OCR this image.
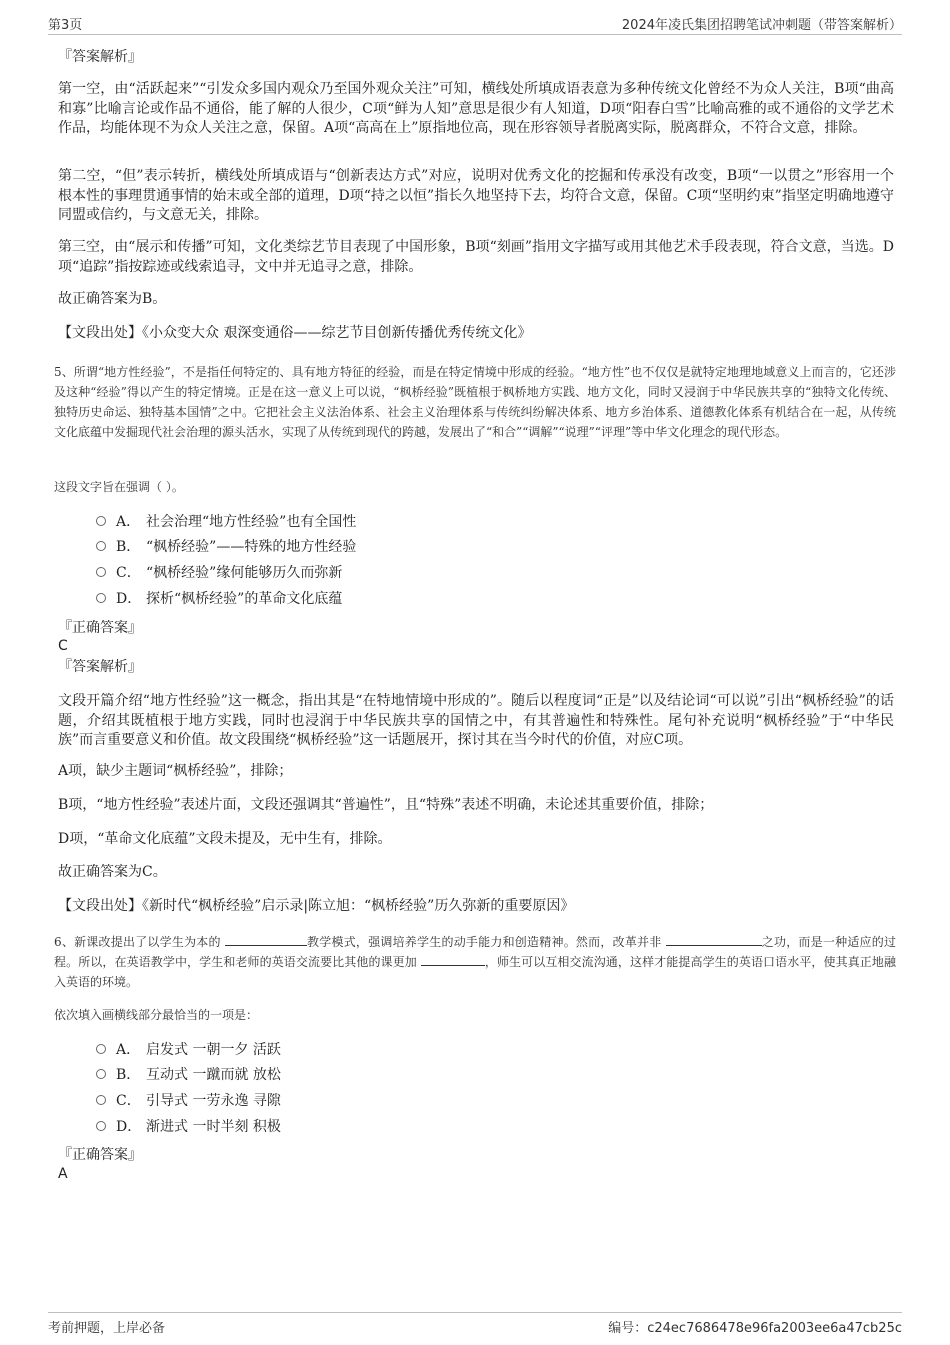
第3页	2024年凌氏集团招聘笔试冲刺题（带答案解析）
『答案解析』

第一空，由“活跃起来”“引发众多国内观众乃至国外观众关注”可知，横线处所填成语表意为多种传统文化曾经不为众人关注，B项“曲高和寡”比喻言论或作品不通俗，能了解的人很少，C项“鲜为人知”意思是很少有人知道，D项“阳春白雪”比喻高雅的或不通俗的文学艺术作品，均能体现不为众人关注之意，保留。A项“高高在上”原指地位高，现在形容领导者脱离实际，脱离群众，不符合文意，排除。

第二空，“但”表示转折，横线处所填成语与“创新表达方式”对应，说明对优秀文化的挖掘和传承没有改变，B项“一以贯之”形容用一个根本性的事理贯通事情的始末或全部的道理，D项“持之以恒”指长久地坚持下去，均符合文意，保留。C项“坚明约束”指坚定明确地遵守同盟或信约，与文意无关，排除。

第三空，由“展示和传播”可知，文化类综艺节目表现了中国形象，B项“刻画”指用文字描写或用其他艺术手段表现，符合文意，当选。D项“追踪”指按踪迹或线索追寻，文中并无追寻之意，排除。

故正确答案为B。

【文段出处】《小众变大众 艰深变通俗——综艺节目创新传播优秀传统文化》

5、所谓“地方性经验”，不是指任何特定的、具有地方特征的经验，而是在特定情境中形成的经验。“地方性”也不仅仅是就特定地理地域意义上而言的，它还涉及这种“经验”得以产生的特定情境。正是在这一意义上可以说，“枫桥经验”既植根于枫桥地方实践、地方文化，同时又浸润于中华民族共享的“独特文化传统、独特历史命运、独特基本国情”之中。它把社会主义法治体系、社会主义治理体系与传统纠纷解决体系、地方乡治体系、道德教化体系有机结合在一起，从传统文化底蕴中发掘现代社会治理的源头活水，实现了从传统到现代的跨越，发展出了“和合”“调解”“说理”“评理”等中华文化理念的现代形态。

这段文字旨在强调（ ）。
A． 社会治理“地方性经验”也有全国性
B． “枫桥经验”——特殊的地方性经验
C． “枫桥经验”缘何能够历久而弥新
D． 探析“枫桥经验”的革命文化底蕴
『正确答案』
C
『答案解析』

文段开篇介绍“地方性经验”这一概念，指出其是“在特地情境中形成的”。随后以程度词“正是”以及结论词“可以说”引出“枫桥经验”的话题，介绍其既植根于地方实践，同时也浸润于中华民族共享的国情之中，有其普遍性和特殊性。尾句补充说明“枫桥经验”于“中华民族”而言重要意义和价值。故文段围绕“枫桥经验”这一话题展开，探讨其在当今时代的价值，对应C项。

A项，缺少主题词“枫桥经验”，排除；

B项，“地方性经验”表述片面，文段还强调其“普遍性”，且“特殊”表述不明确，未论述其重要价值，排除；

D项，“革命文化底蕴”文段未提及，无中生有，排除。

故正确答案为C。

【文段出处】《新时代“枫桥经验”启示录|陈立旭：“枫桥经验”历久弥新的重要原因》

6、新课改提出了以学生为本的	教学模式，强调培养学生的动手能力和创造精神。然而，改革并非	之功，而是一种适应的过程。所以，在英语教学中，学生和老师的英语交流要比其他的课更加	，师生可以互相交流沟通，这样才能提高学生的英语口语水平，使其真正地融入英语的环境。

依次填入画横线部分最恰当的一项是：
A． 启发式 一朝一夕 活跃
B． 互动式 一蹴而就 放松
C． 引导式 一劳永逸 寻隙
D． 渐进式 一时半刻 积极
『正确答案』
A
考前押题，上岸必备	编号：c24ec7686478e96fa2003ee6a47cb25c
